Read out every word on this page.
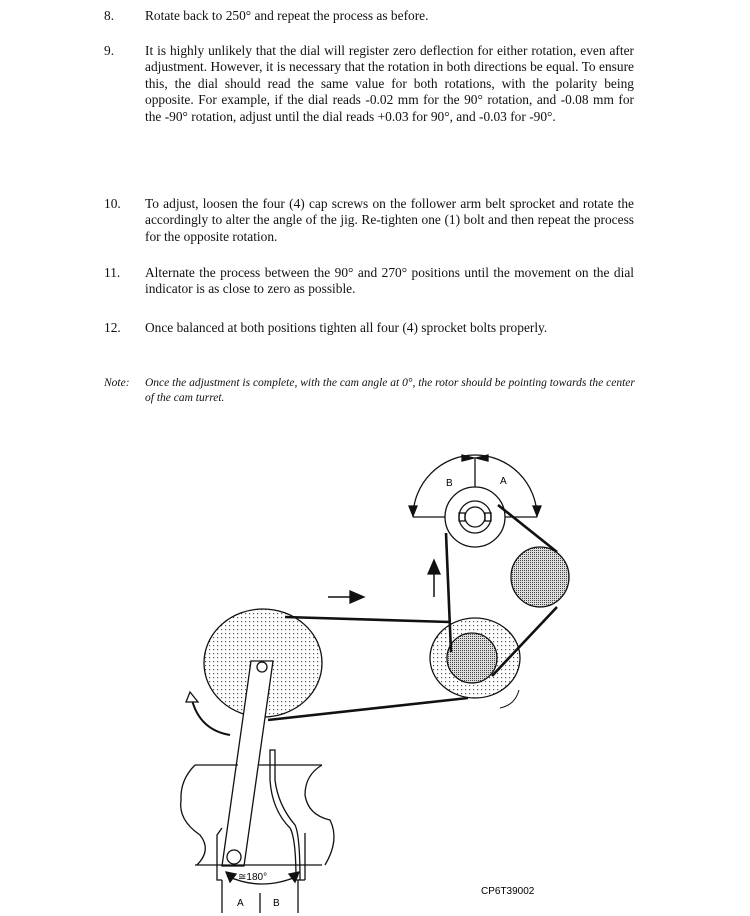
8. Rotate back to 250° and repeat the process as before.
9. It is highly unlikely that the dial will register zero deflection for either rotation, even after adjustment. However, it is necessary that the rotation in both directions be equal. To ensure this, the dial should read the same value for both rotations, with the polarity being opposite. For example, if the dial reads -0.02 mm for the 90° rotation, and -0.08 mm for the -90° rotation, adjust until the dial reads +0.03 for 90°, and -0.03 for -90°.
10. To adjust, loosen the four (4) cap screws on the follower arm belt sprocket and rotate the accordingly to alter the angle of the jig. Re-tighten one (1) bolt and then repeat the process for the opposite rotation.
11. Alternate the process between the 90° and 270° positions until the movement on the dial indicator is as close to zero as possible.
12. Once balanced at both positions tighten all four (4) sprocket bolts properly.
Note: Once the adjustment is complete, with the cam angle at 0°, the rotor should be pointing towards the center of the cam turret.
B	A
≅180°
A	B
CP6T39002
